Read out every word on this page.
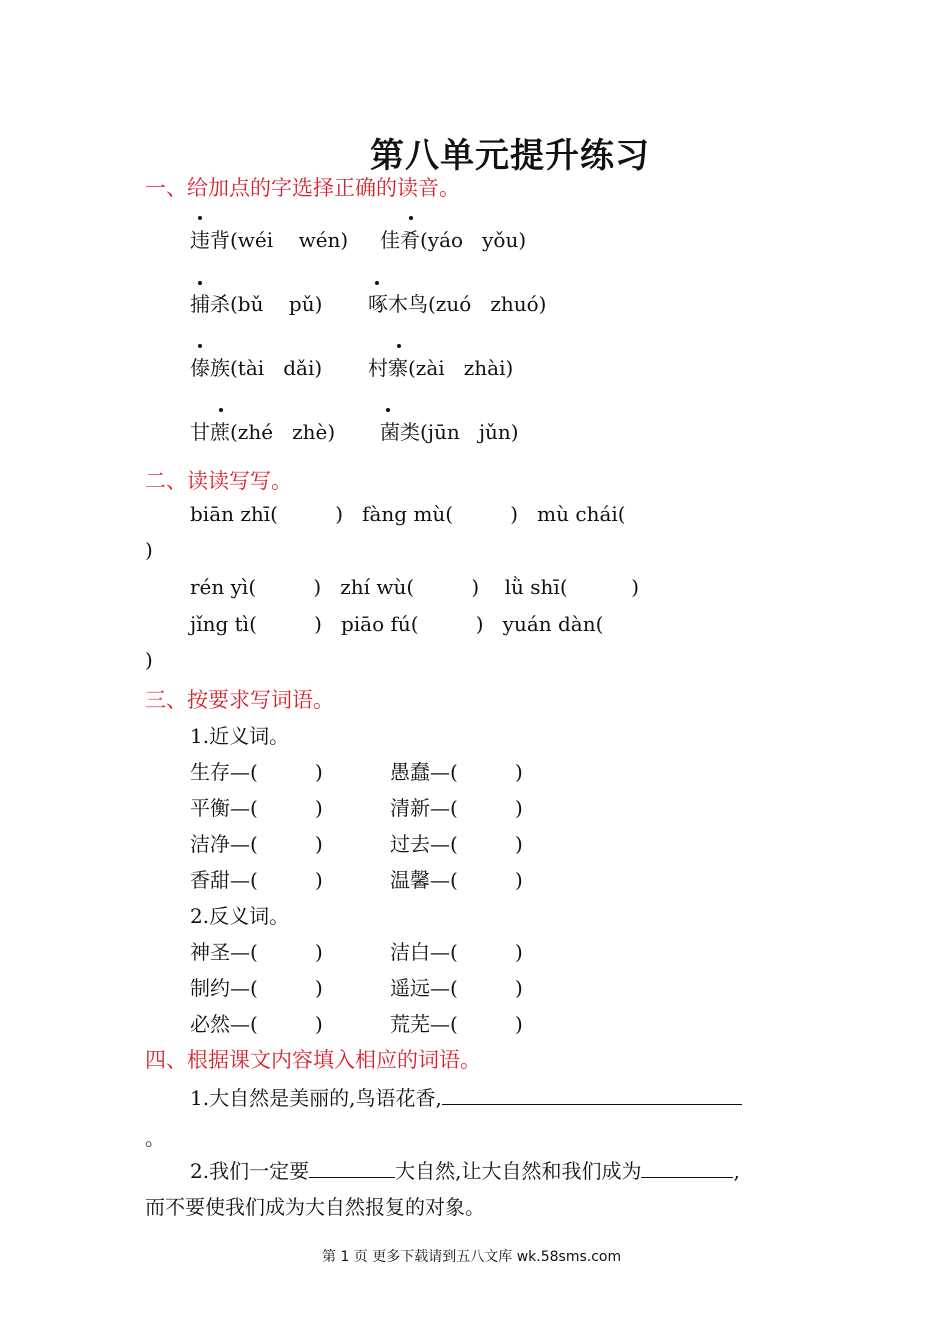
第八单元提升练习
一、给加点的字选择正确的读音。
违背(wéi    wén) 佳肴(yáo   yǒu)
捕杀(bǔ    pǔ) 啄木鸟(zuó   zhuó)
傣族(tài   dǎi) 村寨(zài   zhài)
甘蔗(zhé   zhè) 菌类(jūn   jǔn)
二、读读写写。
biān zhī(         )   fàng mù(         )   mù chái(
)
rén yì(         )   zhí wù(         )    lǜ shī(          )
jǐng tì(         )   piāo fú(         )   yuán dàn(
)
三、按要求写词语。
1.近义词。
生存—(         )	愚蠢—(         )
平衡—(         )	清新—(         )
洁净—(         )	过去—(         )
香甜—(         )	温馨—(         )
2.反义词。
神圣—(         )	洁白—(         )
制约—(         )	遥远—(         )
必然—(         )	荒芜—(         )
四、根据课文内容填入相应的词语。
1.大自然是美丽的,鸟语花香,
。
2.我们一定要	大自然,让大自然和我们成为	,
而不要使我们成为大自然报复的对象。
第 1 页 更多下载请到五八文库 wk.58sms.com
